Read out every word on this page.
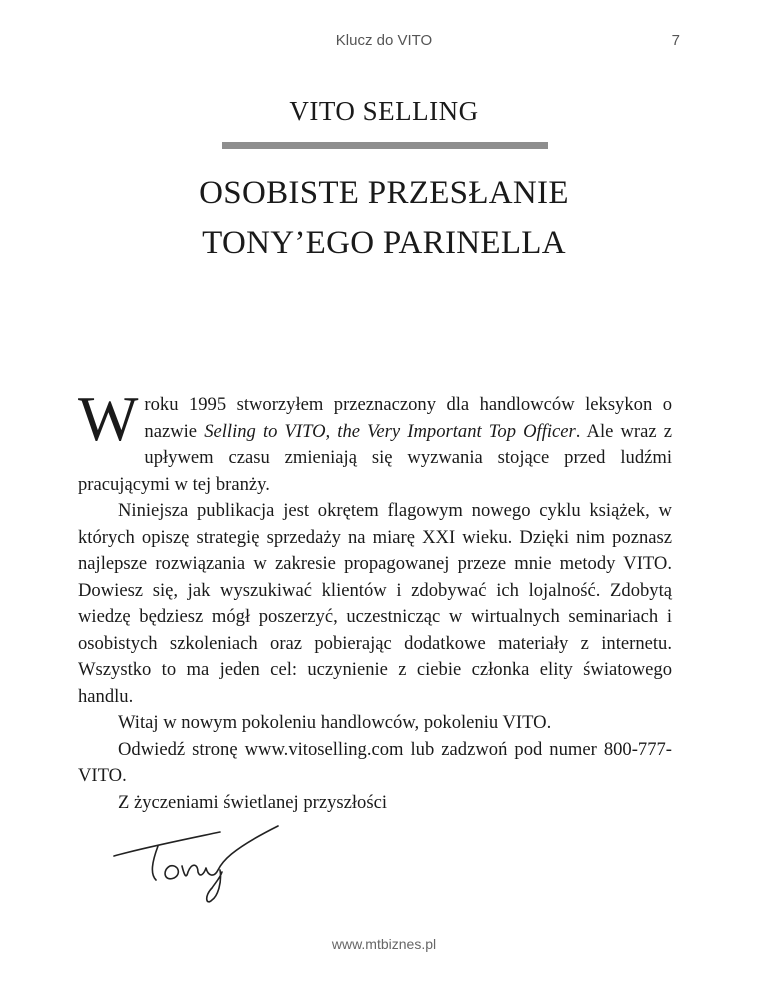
Klucz do VITO	7
VITO SELLING
OSOBISTE PRZESŁANIE
TONY’EGO PARINELLA

Wroku 1995 stworzyłem przeznaczony dla handlowców leksykon o nazwie Selling to VITO, the Very Important Top Officer. Ale wraz z upływem czasu zmieniają się wyzwania stojące przed ludźmi pracującymi w tej branży.

Niniejsza publikacja jest okrętem flagowym nowego cyklu książek, w których opiszę strategię sprzedaży na miarę XXI wieku. Dzięki nim poznasz najlepsze rozwiązania w zakresie propagowanej przeze mnie metody VITO. Dowiesz się, jak wyszukiwać klientów i zdobywać ich lojalność. Zdobytą wiedzę będziesz mógł poszerzyć, uczestnicząc w wirtualnych seminariach i osobistych szkoleniach oraz pobierając dodatkowe materiały z internetu. Wszystko to ma jeden cel: uczynienie z ciebie członka elity światowego handlu.

Witaj w nowym pokoleniu handlowców, pokoleniu VITO.

Odwiedź stronę www.vitoselling.com lub zadzwoń pod numer 800-777-VITO.

Z życzeniami świetlanej przyszłości

www.mtbiznes.pl
